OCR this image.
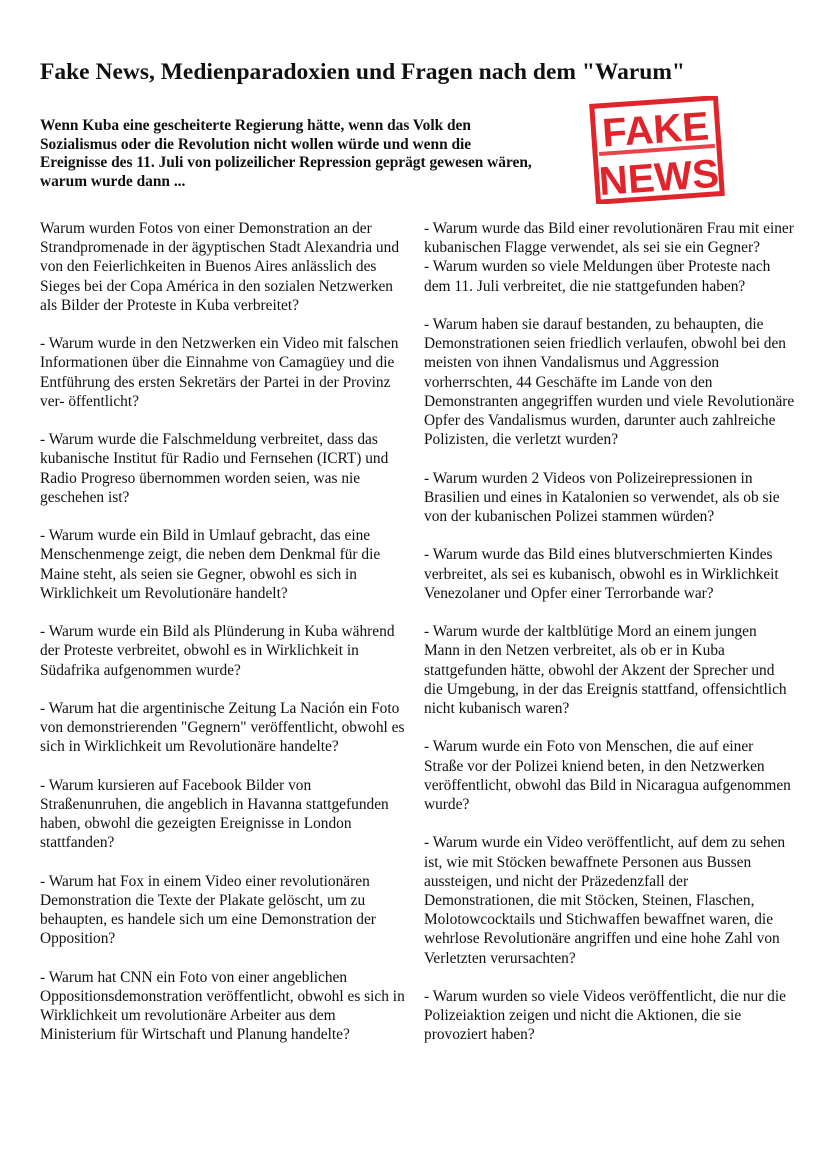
Fake News, Medienparadoxien und Fragen nach dem "Warum"

Wenn Kuba eine gescheiterte Regierung hätte, wenn das Volk den Sozialismus oder die Revolution nicht wollen würde und wenn die Ereignisse des 11. Juli von polizeilicher Repression geprägt gewesen wären, warum wurde dann ...

FAKE
NEWS

Warum wurden Fotos von einer Demonstration an der Strandpromenade in der ägyptischen Stadt Alexandria und von den Feierlichkeiten in Buenos Aires anlässlich des Sieges bei der Copa América in den sozialen Netzwerken als Bilder der Proteste in Kuba verbreitet?

- Warum wurde in den Netzwerken ein Video mit falschen Informationen über die Einnahme von Camagüey und die Entführung des ersten Sekretärs der Partei in der Provinz ver- öffentlicht?

- Warum wurde die Falschmeldung verbreitet, dass das kubanische Institut für Radio und Fernsehen (ICRT) und Radio Progreso übernommen worden seien, was nie geschehen ist?

- Warum wurde ein Bild in Umlauf gebracht, das eine Menschenmenge zeigt, die neben dem Denkmal für die Maine steht, als seien sie Gegner, obwohl es sich in Wirklichkeit um Revolutionäre handelt?

- Warum wurde ein Bild als Plünderung in Kuba während der Proteste verbreitet, obwohl es in Wirklichkeit in Südafrika aufgenommen wurde?

- Warum hat die argentinische Zeitung La Nación ein Foto von demonstrierenden "Gegnern" veröffentlicht, obwohl es sich in Wirklichkeit um Revolutionäre handelte?

- Warum kursieren auf Facebook Bilder von Straßenunruhen, die angeblich in Havanna stattgefunden haben, obwohl die gezeigten Ereignisse in London stattfanden?

- Warum hat Fox in einem Video einer revolutionären Demonstration die Texte der Plakate gelöscht, um zu behaupten, es handele sich um eine Demonstration der Opposition?

- Warum hat CNN ein Foto von einer angeblichen Oppositionsdemonstration veröffentlicht, obwohl es sich in Wirklichkeit um revolutionäre Arbeiter aus dem Ministerium für Wirtschaft und Planung handelte?

- Warum wurde das Bild einer revolutionären Frau mit einer kubanischen Flagge verwendet, als sei sie ein Gegner?
- Warum wurden so viele Meldungen über Proteste nach dem 11. Juli verbreitet, die nie stattgefunden haben?

- Warum haben sie darauf bestanden, zu behaupten, die Demonstrationen seien friedlich verlaufen, obwohl bei den meisten von ihnen Vandalismus und Aggression vorherrschten, 44 Geschäfte im Lande von den Demonstranten angegriffen wurden und viele Revolutionäre Opfer des Vandalismus wurden, darunter auch zahlreiche Polizisten, die verletzt wurden?

- Warum wurden 2 Videos von Polizeirepressionen in Brasilien und eines in Katalonien so verwendet, als ob sie von der kubanischen Polizei stammen würden?

- Warum wurde das Bild eines blutverschmierten Kindes verbreitet, als sei es kubanisch, obwohl es in Wirklichkeit Venezolaner und Opfer einer Terrorbande war?

- Warum wurde der kaltblütige Mord an einem jungen Mann in den Netzen verbreitet, als ob er in Kuba stattgefunden hätte, obwohl der Akzent der Sprecher und die Umgebung, in der das Ereignis stattfand, offensichtlich nicht kubanisch waren?

- Warum wurde ein Foto von Menschen, die auf einer Straße vor der Polizei kniend beten, in den Netzwerken veröffentlicht, obwohl das Bild in Nicaragua aufgenommen wurde?

- Warum wurde ein Video veröffentlicht, auf dem zu sehen ist, wie mit Stöcken bewaffnete Personen aus Bussen aussteigen, und nicht der Präzedenzfall der Demonstrationen, die mit Stöcken, Steinen, Flaschen, Molotowcocktails und Stichwaffen bewaffnet waren, die wehrlose Revolutionäre angriffen und eine hohe Zahl von Verletzten verursachten?

- Warum wurden so viele Videos veröffentlicht, die nur die Polizeiaktion zeigen und nicht die Aktionen, die sie provoziert haben?
